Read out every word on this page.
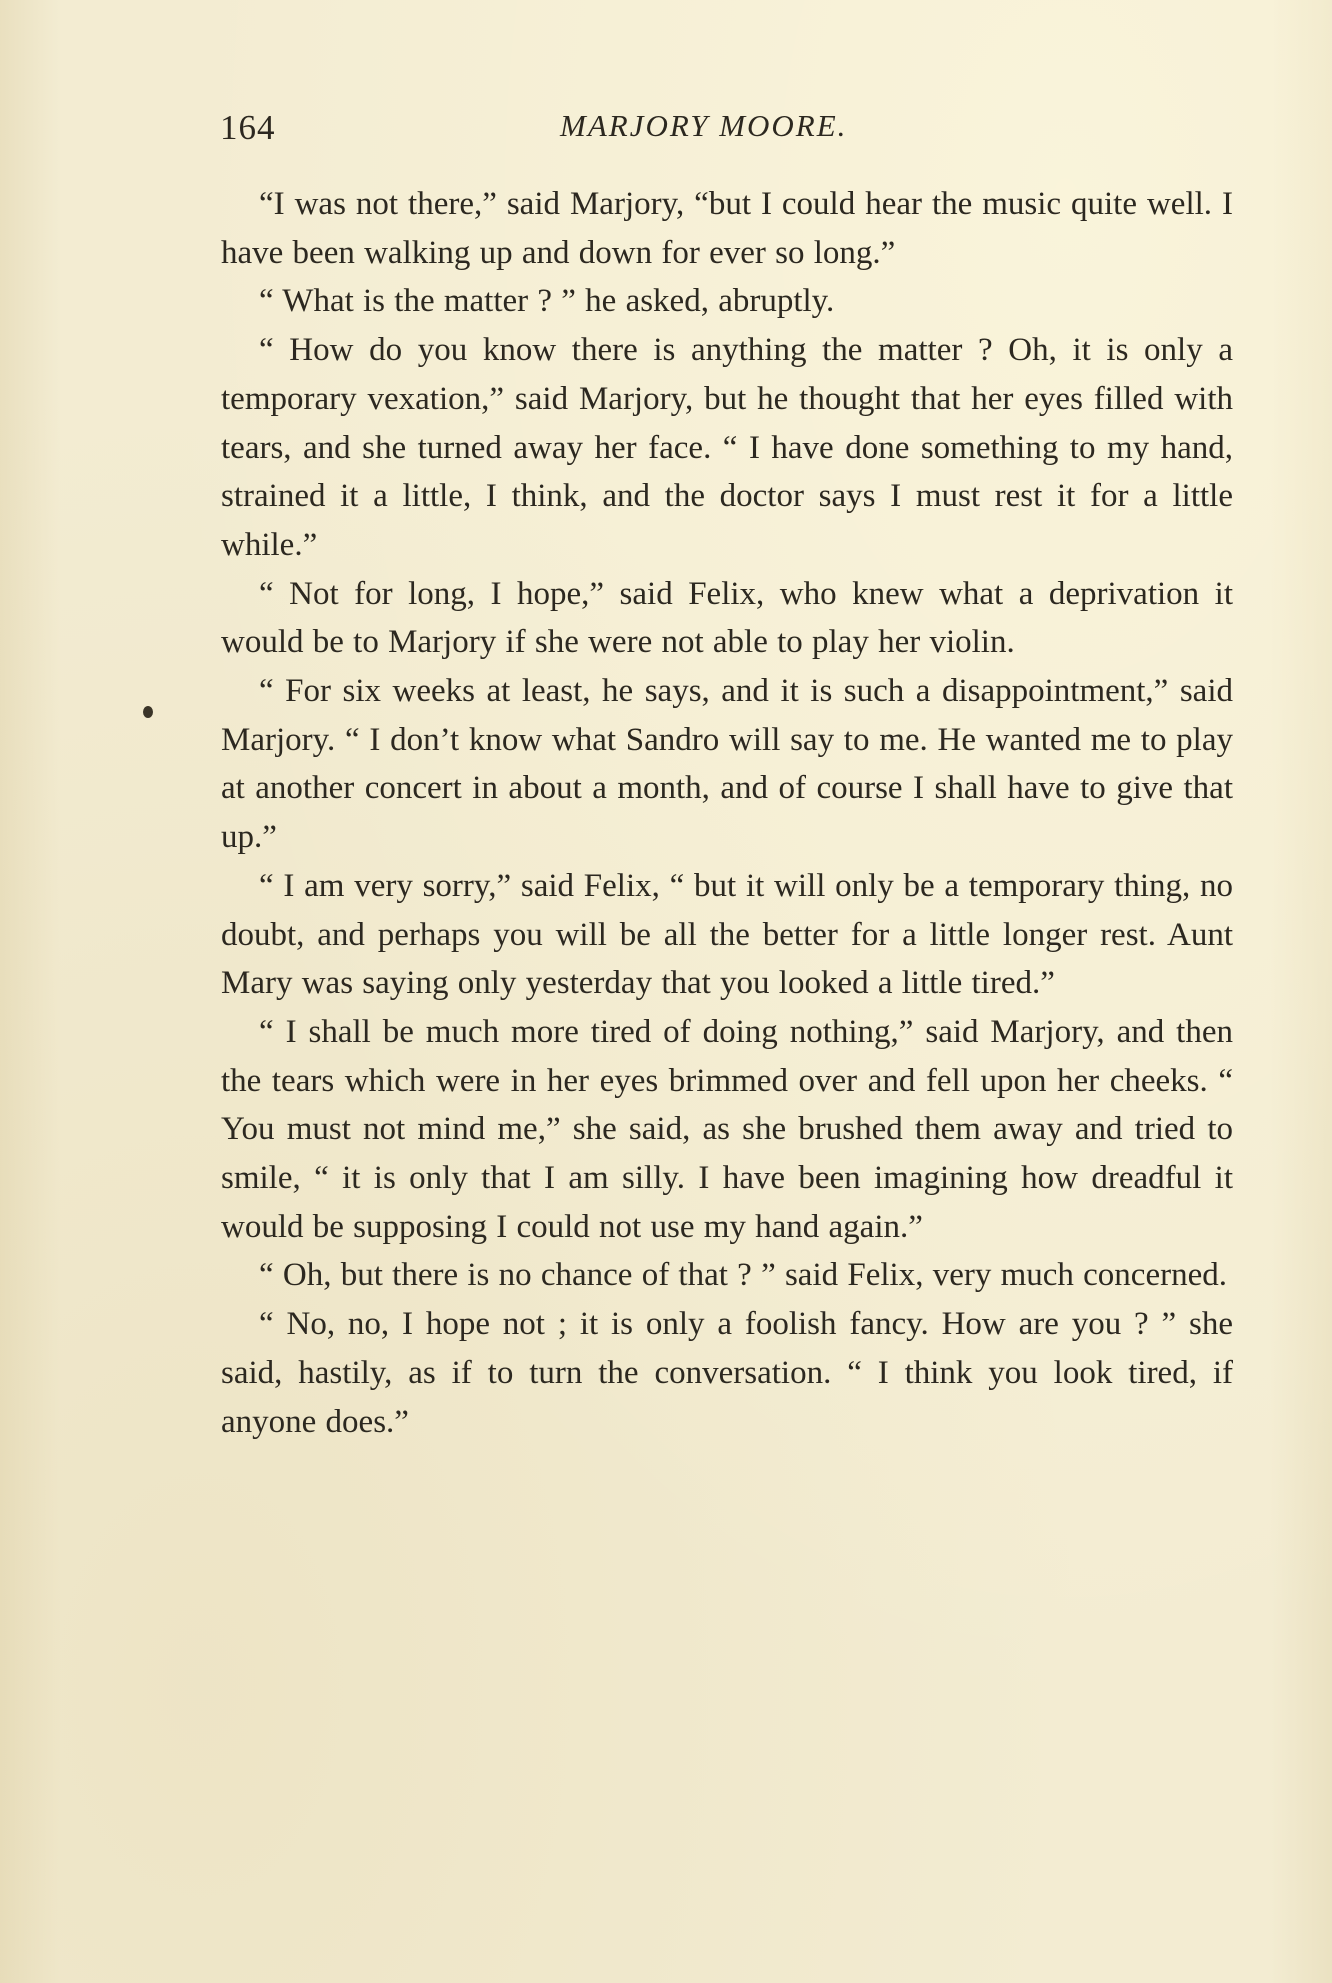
164	MARJORY MOORE.

“I was not there,” said Marjory, “but I could hear the music quite well. I have been walking up and down for ever so long.”

“ What is the matter ? ” he asked, abruptly.

“ How do you know there is anything the matter ? Oh, it is only a temporary vexation,” said Marjory, but he thought that her eyes filled with tears, and she turned away her face. “ I have done something to my hand, strained it a little, I think, and the doctor says I must rest it for a little while.”

“ Not for long, I hope,” said Felix, who knew what a deprivation it would be to Marjory if she were not able to play her violin.

“ For six weeks at least, he says, and it is such a disappointment,” said Marjory. “ I don’t know what Sandro will say to me. He wanted me to play at another concert in about a month, and of course I shall have to give that up.”

“ I am very sorry,” said Felix, “ but it will only be a temporary thing, no doubt, and perhaps you will be all the better for a little longer rest. Aunt Mary was saying only yesterday that you looked a little tired.”

“ I shall be much more tired of doing nothing,” said Marjory, and then the tears which were in her eyes brimmed over and fell upon her cheeks. “ You must not mind me,” she said, as she brushed them away and tried to smile, “ it is only that I am silly. I have been imagining how dreadful it would be supposing I could not use my hand again.”

“ Oh, but there is no chance of that ? ” said Felix, very much concerned.

“ No, no, I hope not ; it is only a foolish fancy. How are you ? ” she said, hastily, as if to turn the conversation. “ I think you look tired, if anyone does.”
